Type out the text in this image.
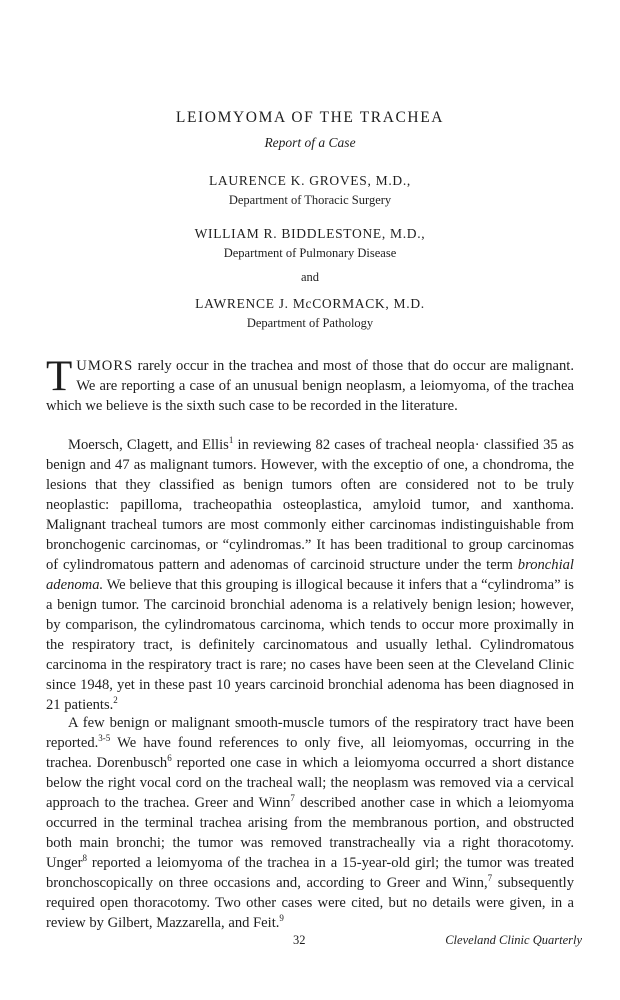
LEIOMYOMA OF THE TRACHEA
Report of a Case
LAURENCE K. GROVES, M.D.,
Department of Thoracic Surgery
WILLIAM R. BIDDLESTONE, M.D.,
Department of Pulmonary Disease
and
LAWRENCE J. McCORMACK, M.D.
Department of Pathology

TUMORS rarely occur in the trachea and most of those that do occur are malignant. We are reporting a case of an unusual benign neoplasm, a leiomyoma, of the trachea which we believe is the sixth such case to be recorded in the literature.

Moersch, Clagett, and Ellis$^1$ in reviewing 82 cases of tracheal neopla· classified 35 as benign and 47 as malignant tumors. However, with the exceptio of one, a chondroma, the lesions that they classified as benign tumors often are considered not to be truly neoplastic: papilloma, tracheopathia osteoplastica, amyloid tumor, and xanthoma. Malignant tracheal tumors are most commonly either carcinomas indistinguishable from bronchogenic carcinomas, or “cylindromas.” It has been traditional to group carcinomas of cylindromatous pattern and adenomas of carcinoid structure under the term bronchial adenoma. We believe that this grouping is illogical because it infers that a “cylindroma” is a benign tumor. The carcinoid bronchial adenoma is a relatively benign lesion; however, by comparison, the cylindromatous carcinoma, which tends to occur more proximally in the respiratory tract, is definitely carcinomatous and usually lethal. Cylindromatous carcinoma in the respiratory tract is rare; no cases have been seen at the Cleveland Clinic since 1948, yet in these past 10 years carcinoid bronchial adenoma has been diagnosed in 21 patients.$^2$

A few benign or malignant smooth-muscle tumors of the respiratory tract have been reported.$^{3-5}$ We have found references to only five, all leiomyomas, occurring in the trachea. Dorenbusch$^6$ reported one case in which a leiomyoma occurred a short distance below the right vocal cord on the tracheal wall; the neoplasm was removed via a cervical approach to the trachea. Greer and Winn$^7$ described another case in which a leiomyoma occurred in the terminal trachea arising from the membranous portion, and obstructed both main bronchi; the tumor was removed transtracheally via a right thoracotomy. Unger$^8$ reported a leiomyoma of the trachea in a 15-year-old girl; the tumor was treated bronchoscopically on three occasions and, according to Greer and Winn,$^7$ subsequently required open thoracotomy. Two other cases were cited, but no details were given, in a review by Gilbert, Mazzarella, and Feit.$^9$

32	Cleveland Clinic Quarterly
